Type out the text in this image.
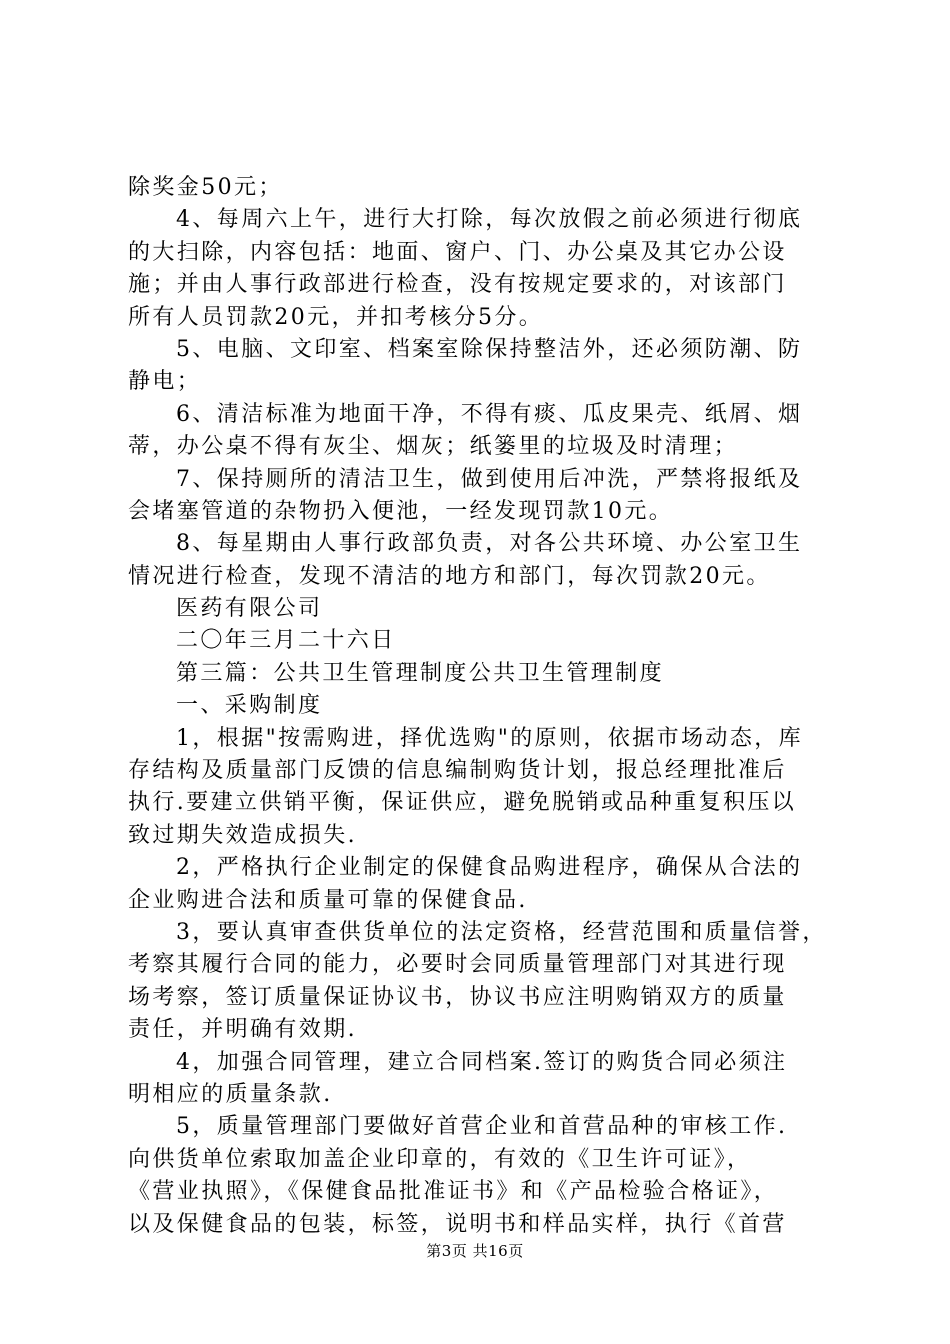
除奖金50元；
4、每周六上午，进行大打除，每次放假之前必须进行彻底
的大扫除，内容包括：地面、窗户、门、办公桌及其它办公设
施；并由人事行政部进行检查，没有按规定要求的，对该部门
所有人员罚款20元，并扣考核分5分。
5、电脑、文印室、档案室除保持整洁外，还必须防潮、防
静电；
6、清洁标准为地面干净，不得有痰、瓜皮果壳、纸屑、烟
蒂，办公桌不得有灰尘、烟灰；纸篓里的垃圾及时清理；
7、保持厕所的清洁卫生，做到使用后冲洗，严禁将报纸及
会堵塞管道的杂物扔入便池，一经发现罚款10元。
8、每星期由人事行政部负责，对各公共环境、办公室卫生
情况进行检查，发现不清洁的地方和部门，每次罚款20元。
医药有限公司
二〇年三月二十六日
第三篇：公共卫生管理制度公共卫生管理制度
一、采购制度
1，根据"按需购进，择优选购"的原则，依据市场动态，库
存结构及质量部门反馈的信息编制购货计划，报总经理批准后
执行.要建立供销平衡，保证供应，避免脱销或品种重复积压以
致过期失效造成损失.
2，严格执行企业制定的保健食品购进程序，确保从合法的
企业购进合法和质量可靠的保健食品.
3，要认真审查供货单位的法定资格，经营范围和质量信誉，
考察其履行合同的能力，必要时会同质量管理部门对其进行现
场考察，签订质量保证协议书，协议书应注明购销双方的质量
责任，并明确有效期.
4，加强合同管理，建立合同档案.签订的购货合同必须注
明相应的质量条款.
5，质量管理部门要做好首营企业和首营品种的审核工作.
向供货单位索取加盖企业印章的，有效的《卫生许可证》，
《营业执照》，《保健食品批准证书》和《产品检验合格证》，
以及保健食品的包装，标签，说明书和样品实样，执行《首营
第3页 共16页
